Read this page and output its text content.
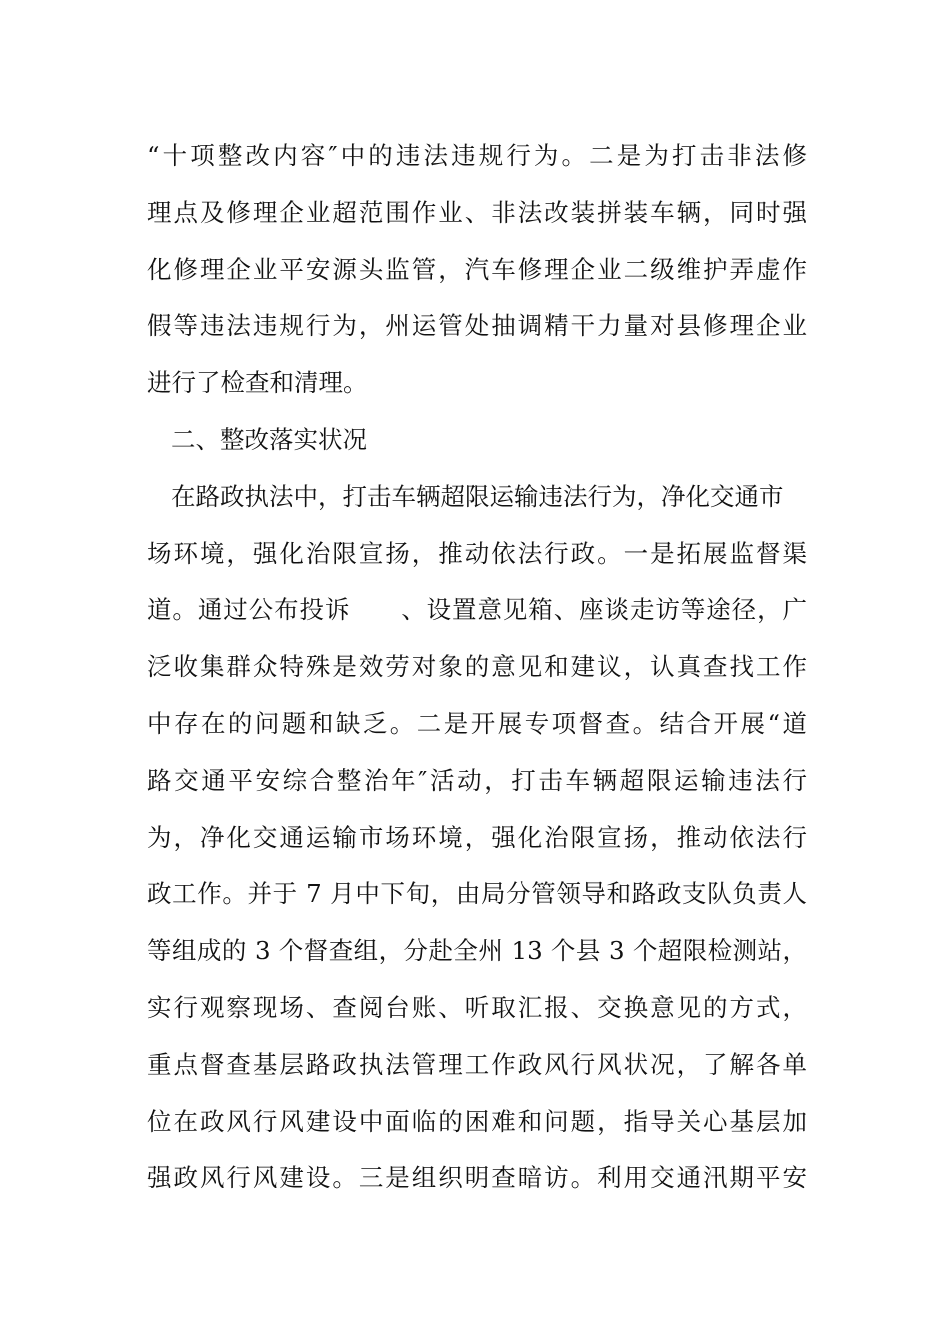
“十项整改内容″中的违法违规行为。二是为打击非法修
理点及修理企业超范围作业、非法改装拼装车辆，同时强
化修理企业平安源头监管，汽车修理企业二级维护弄虚作
假等违法违规行为，州运管处抽调精干力量对县修理企业
进行了检查和清理。
二、整改落实状况
在路政执法中，打击车辆超限运输违法行为，净化交通市
场环境，强化治限宣扬，推动依法行政。一是拓展监督渠
道。通过公布投诉　　、设置意见箱、座谈走访等途径，广
泛收集群众特殊是效劳对象的意见和建议，认真查找工作
中存在的问题和缺乏。二是开展专项督查。结合开展“道
路交通平安综合整治年″活动，打击车辆超限运输违法行
为，净化交通运输市场环境，强化治限宣扬，推动依法行
政工作。并于 7 月中下旬，由局分管领导和路政支队负责人
等组成的 3 个督查组，分赴全州 13 个县 3 个超限检测站，
实行观察现场、查阅台账、听取汇报、交换意见的方式，
重点督查基层路政执法管理工作政风行风状况，了解各单
位在政风行风建设中面临的困难和问题，指导关心基层加
强政风行风建设。三是组织明查暗访。利用交通汛期平安
